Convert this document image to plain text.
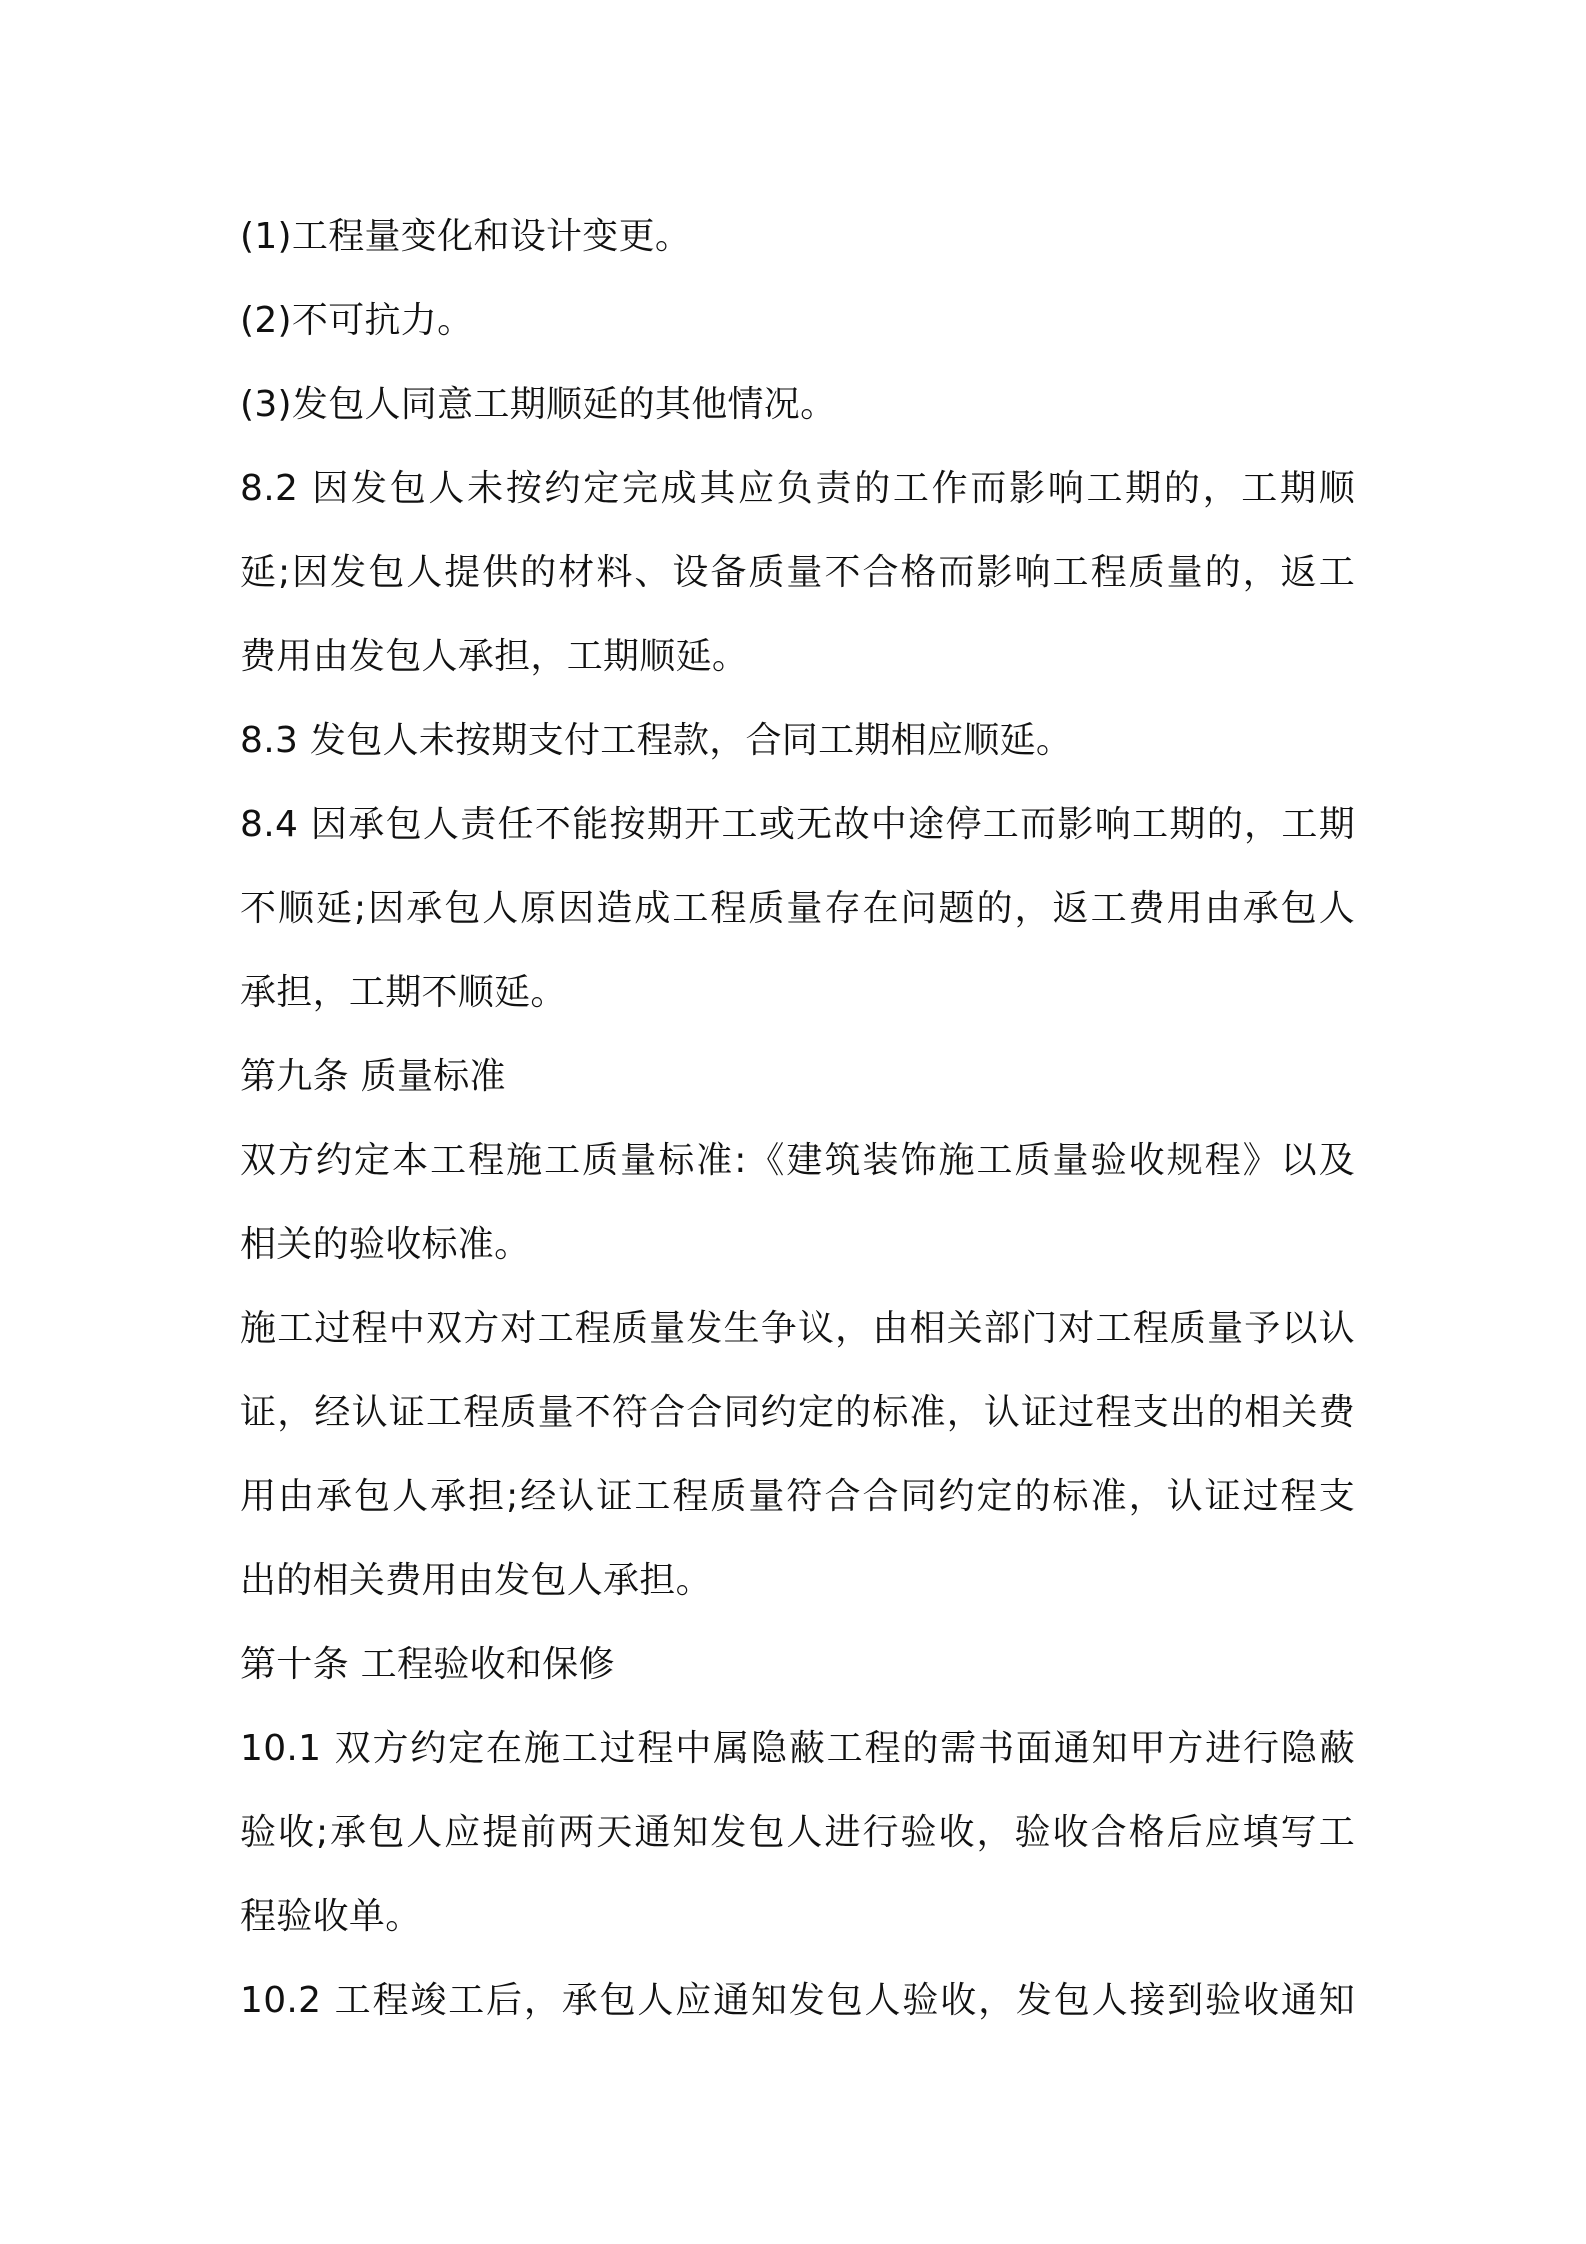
(1)工程量变化和设计变更。
(2)不可抗力。
(3)发包人同意工期顺延的其他情况。
8.2 因发包人未按约定完成其应负责的工作而影响工期的，工期顺
延;因发包人提供的材料、设备质量不合格而影响工程质量的，返工
费用由发包人承担，工期顺延。
8.3 发包人未按期支付工程款，合同工期相应顺延。
8.4 因承包人责任不能按期开工或无故中途停工而影响工期的，工期
不顺延;因承包人原因造成工程质量存在问题的，返工费用由承包人
承担，工期不顺延。
第九条 质量标准
双方约定本工程施工质量标准:《建筑装饰施工质量验收规程》以及
相关的验收标准。
施工过程中双方对工程质量发生争议，由相关部门对工程质量予以认
证，经认证工程质量不符合合同约定的标准，认证过程支出的相关费
用由承包人承担;经认证工程质量符合合同约定的标准，认证过程支
出的相关费用由发包人承担。
第十条 工程验收和保修
10.1 双方约定在施工过程中属隐蔽工程的需书面通知甲方进行隐蔽
验收;承包人应提前两天通知发包人进行验收，验收合格后应填写工
程验收单。
10.2 工程竣工后，承包人应通知发包人验收，发包人接到验收通知
